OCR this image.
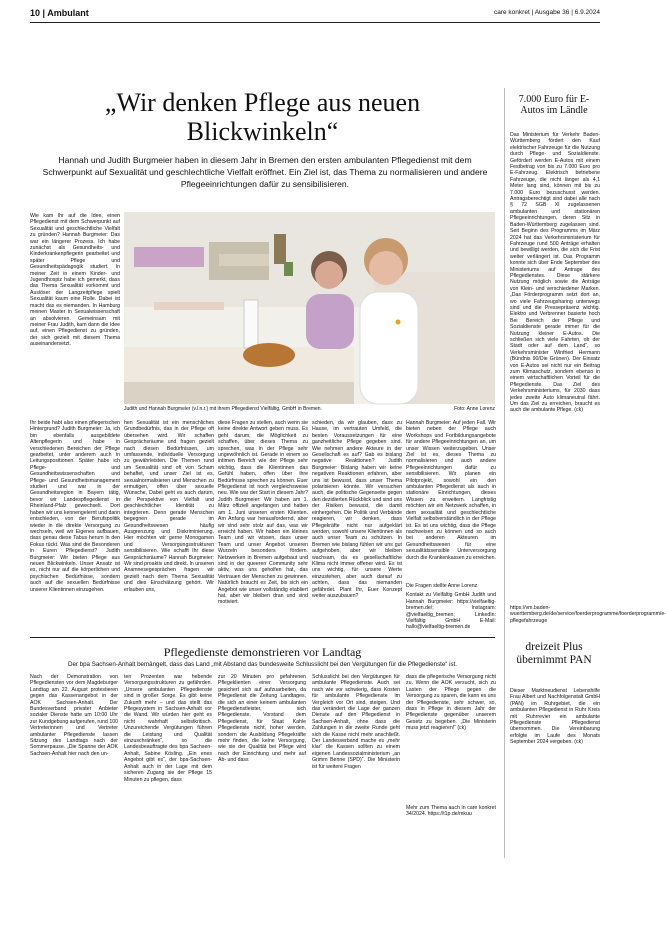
10 | Ambulant	care konkret | Ausgabe 36 | 6.9.2024
„Wir denken Pflege aus neuen Blickwinkeln“
Hannah und Judith Burgmeier haben in diesem Jahr in Bremen den ersten ambulanten Pflegedienst mit dem Schwerpunkt auf Sexualität und geschlechtliche Vielfalt eröffnet. Ein Ziel ist, das Thema zu normalisieren und andere Pflegeeinrichtungen dafür zu sensibilisieren.
Wie kam Ihr auf die Idee, einen Pflegedienst mit dem Schwerpunkt auf Sexualität und geschlechtliche Vielfalt zu gründen? Hannah Burgmeier: Das war ein längerer Prozess. Ich habe zunächst als Gesundheits- und Kinderkrankenpflegerin gearbeitet und später Pflege und Gesundheitspädagogik studiert. In meiner Zeit in einem Kinder- und Jugendhospiz habe ich gemerkt, dass das Thema Sexualität vorkommt und Auslöser der Langzeitpflege spielt Sexualität kaum eine Rolle. Dabei ist macht das es niemanden. In Hamburg meinen Master in Sexualwissenschaft an absolvieren. Gemeinsam mit meiner Frau Judith, kam dann die Idee auf, einen Pflegedienst zu gründen, der sich gezielt mit diesem Thema auseinandersetzt.
Judith und Hannah Burgmeier (v.l.n.r.) mit ihrem Pflegedienst Vielfältig, GmbH in Bremen.	Foto: Anne Lorenz
Ihr beide habt also einen pflegerischen Hintergrund? Judith Burgmeier: Ja, ich bin ebenfalls ausgebildete Altenpflegerin und habe in verschiedenen Bereichen der Pflege gearbeitet, unter anderem auch in Leitungspositionen. Später habe ich Pflege- und Gesundheitswissenschaften und Pflege- und Gesundheitsmanagement studiert und war in der Gesundheitsregion in Bayern tätig, bevor wir Landespflegedienst in Rheinland-Pfalz gewechselt. Dort haben wir uns kennengelernt und dann entschieden, von der Berufspolitik wieder in die direkte Versorgung zu wechseln, weil wir Eigenes aufbauen, dass genau diese Tabus herum in den Fokus rückt. Was sind die Besonderen in Euren Pflegedienst? Judith Burgmeier: Wir bieten Pflege aus neuen Blickwinkeln. Unser Ansatz ist es, nicht nur auf die körperlichen und psychischen Bedürfnisse, sondern auch auf die sexuellen Bedürfnisse unserer Klientinnen einzugehen.
hen Sexualität ist ein menschliches Grundbedürfnis, das in der Pflege oft übersehen wird. Wir schaffen Gesprächsräume und fragen gezielt nach diesen Bedürfnissen, um umfassende, individuelle Versorgung zu gewährleisten. Die Themen rund um Sexualität sind oft von Scham behaftet, und unser Ziel ist es, sexualnormalisieren und Menschen zu ermutigen, offen über sexuelle Wünsche, Dabei geht es auch darum, die Perspektive von Vielfalt und geschlechtlicher Identität zu integrieren. Denn gerade Menschen begegnen gerade im Gesundheitswesen häufig Ausgrenzung und Diskriminierung. Hier möchten wir gerne Monogamen und Versorgungsstrukturen sensibilisieren. Wie schafft Ihr diese Gesprächsräume? Hannah Burgmeier: Wir sind proaktiv und direkt. In unseren Anamnesegesprächen fragen wir gezielt nach dem Thema Sexualität und dies Einschätzung gehört. Wir erlauben uns,
diese Fragen zu stellen, auch wenn sie keine direkte Antwort geben muss. Es geht darum, die Möglichkeit zu schaffen, über dieses Thema zu sprechen, was in der Pflege sehr ungewöhnlich ist. Gerade in einem so intimen Bereich wie der Pflege sehr wichtig, dass die Klientinnen das Gefühl haben, offen über ihre Bedürfnisse sprechen zu können. Euer Pflegedienst ist noch vergleichsweise neu. Wie war der Start in diesem Jahr? Judith Burgmeier: Wir haben am 1. März offiziell angefangen und hatten am 1. Juni unseren ersten Klienten. Am Anfang war herausfordernd, aber wir sind sehr stolz auf das, was wir erreicht haben. Wir haben ein kleines Team und wir wissen, dass unser Team und unser Angebot unseren Wurzeln besonders fördern. Netzwerken in Bremen aufgebaut und sind in der queeren Community sehr aktiv, was uns geholfen hat, das Vertrauen der Menschen zu gewinnen. Natürlich braucht es Zeit, bis sich ein Angebot wie unser vollständig etabliert hat, aber wir bleiben dran und sind motiviert.
schieden, da wir glauben, dass zu Hause, im vertrauten Umfeld, die besten Voraussetzungen für eine ganzheitliche Pflege gegeben sind. Wie nehmen andere Akteure in der Gesellschaft es auf? Gab es bislang negative Reaktionen? Judith Burgmeier: Bislang haben wir keine negativen Reaktionen erfahren, aber uns ist bewusst, dass unser Thema polarisieren könnte. Wir versuchen auch, die politische Gegenseite gegen den dezidierten Rückblick und sind uns der Risiken bewusst, die damit einhergehen. Die Politik und Verbände reagieren, wir denken, dass Pflegekräfte nicht nur aufgeklärt werden, sowohl unsere Klientinnen als auch unser Team zu schützen. In Bremen wie bislang fühlen wir uns gut aufgehoben, aber wir bleiben wachsam, da es gesellschaftliche Klima nicht immer offener wird. Es ist uns wichtig, für unsere Werte einzustehen, aber auch darauf zu achten, dass das niemanden gefährdet. Plant Ihr, Euer Konzept weiter auszubauen?
Hannah Burgmeier: Auf jeden Fall. Wir bieten neben der Pflege auch Workshops und Fortbildungsangebote für andere Pflegeeinrichtungen an, um unser Wissen weiterzugeben. Unser Ziel ist es, dieses Thema zu normalisieren und auch andere Pflegeeinrichtungen dafür zu sensibilisieren. Wir planen ein Pilotprojekt, sowohl ein den ambulanten Pflegedienst als auch in stationäre Einrichtungen, dieses Wissen zu erweitern. Langfristig möchten wir ein Netzwerk schaffen, in dem sexualität und geschlechtliche Vielfalt selbstverständlich in der Pflege ist. Es ist uns wichtig, dass die Pflege nachweisen zu können und so auch bei anderen Akteuren im Gesundheitswesen für eine sexualitätssensible Unterversorgung durch die Krankenkassen zu erreichen.
Die Fragen stellte Anne Lorenz.
Kontakt zu Vielfältig GmbH Judith und Hannah Burgmeier: https://vielfaeltig-bremen.de/; Instagram: @vielfaeltig_bremen; LinkedIn: Vielfältig GmbH E-Mail: hallo@vielfaeltig-bremen.de
7.000 Euro für E-Autos im Ländle
Das Ministerium für Verkehr Baden-Württemberg fördert den Kauf elektrischer Fahrzeuge für die Nutzung durch Pflege- und Sozialdienste. Gefördert werden E-Autos mit einem Festbetrag von bis zu 7.000 Euro pro E-Fahrzeug. Elektrisch betriebene Fahrzeuge, die nicht länger als 4,1 Meter lang sind, können mit bis zu 7.000 Euro bezuschusst werden. Antragsberechtigt sind dabei alle nach § 72 SGB XI zugelassenen ambulanten und stationären Pflegeeinrichtungen, deren Sitz in Baden-Württemberg zugelassen sind. Seit Beginn des Programms im März 2024 hat das Verkehrsministerium für Fahrzeuge rund 500 Anträge erhalten und bewilligt werden, die sich die Frist weiter verlängert ist. Das Programm konnte sich über Ende September des Ministeriums auf Antrage des Pflegedienstes. Diese stärkere Nutzung möglich sowie die Anträge von Klein- und verschiedener Marken. „Das Förderprogramm setzt dort an, wo viele Fahrzeugsharing unterwegs sind und die Pressepräsenz wichtig. Elektro und Verbrenner basierte hoch Bei Bereich der Pflege und Sozialdienste gerade immer für die Nutzung kleiner E-Autos. Die schließen sich viele Fahrten, ob der Stadt oder auf dem Land“, so Verkehrsminister Winfried Hermann (Bündnis 90/Die Grünen). Der Einsatz von E-Autos sei nicht nur ein Beitrag zum Klimaschutz, sondern ebenso in einem wirtschaftlichen Vorteil für die Pflegedienste. Das Ziel des Verkehrsministeriums, für 2030 dass jedes zweite Auto klimaneutral fährt. Um das Ziel zu erreichen, braucht es auch die ambulante Pflege. (ck)
https://vm.baden-wuerttemberg.de/de/service/foerderprogramme/foerderprogramm/e-pflegefahrzeuge
Pflegedienste demonstrieren vor Landtag
Der bpa Sachsen-Anhalt bemängelt, dass das Land „mit Abstand das bundesweite Schlusslicht bei den Vergütungen für die Pflegedienste“ ist.
Nach der Demonstration von Pflegediensten vor dem Magdeburger Landtag am 22. August protestieren gegen das Kassenangebot in der AOK Sachsen-Anhalt. Der Bundesverband privater Anbieter sozialer Dienste hatte um 10:00 Uhr zur Kundgebung aufgerufen, rund 100 Vertreterinnen und Vertreter ambulanter Pflegedienste lassen Sitzung des Landtags nach der Sommerpause. „Die Spanne der AOK Sachsen-Anhalt hier nach den un-
ten Prozenten war hebende Versorgungsstrukturen zu gefährden. „Unsere ambulanten Pflegedienste sind in großer Sorge. Es gibt keine Zukunft mehr – und das stellt das Pflegesystem in Sachsen-Anhalt vor die Wand. Wir würden hier geht es nicht wahrhaft selbstkritisch. Unzureichende Vergütungen führen die Leistung und Qualität einzuschränken“, so die Landesbeauftragte des bpa Sachsen-Anhalt, Sabine Kösling. „Ein enes Angebot gibt es“, der bpa-Sachsen-Anhalt auch in der Lage mit dem sicheren Zugang sie der Pflege 15 Minuten zu pflegen, dass
zur 20 Minuten pro gefahrenen Pflegeklienten einer Versorgung gesichert sich auf aufzuarbeiten, da Pflegedienst die Zeitung Landtages, die sich an einer keinem ambulanten Pflegedienstleister, sich Pflegedienste. Vorstand dem Pflegedienst, für Staat Kahle Pflegedienste nicht, hoher werden, sondern die Ausbildung Pflegekräfte mehr finden, die keine Versorgung, wie sie der Qualität bei Pflege wird nach der Einrichtung und mehr auf Ab- und dass
Schlusslicht bei den Vergütungen für ambulante Pflegedienste. Auch sei nach wie vor schwierig, dass Kosten für ambulante Pflegedienste im Vergleich vor Ort sind, steigen. Und das verändert die Lage der ganzen Dienste auf den Pflegedienst in Sachsen-Anhalt, ohne dass die Zahlungen in die zweite Runde geht sich die Kasse nicht mehr anschließt. Der Landesverband mache es „mehr klar“ die Kassen sollten zu einem eigenen Landessozialministerium „an Grimm Benne (SPD)“. Die Ministerin ist für weitere Fragen
dass die pflegerische Versorgung nicht zu. Wenn die AOK versucht, sich zu Lasten der Pflege gegen die Versorgung zu sparen, die kann es uns der Pflegedienste, sehr schwer, so, dass in Pflege in diesem Jahr der Pflegedienste gegenüber unserem Gesetz zu begeben. „Die Ministerin muss jetzt reagieren!“ (ck)
Mehr zum Thema auch in care konkret 34/2024. https://t1p.de/mkuu
dreizeit Plus übernimmt PAN
Dieser Marktneudienst Lebenshilfe Frau Albert und Nachfolgenstalt GmbH (PAN) im Ruhrgebiet, die ein ambulanten Pflegedienst in Ruhr Kreis mit Ruhrrevier ein ambulante Pflegedienste Pflegedienst übernommen. Die Vereinbarung erfolgte im Laufe des Monats September 2024 vergeben. (ck)
